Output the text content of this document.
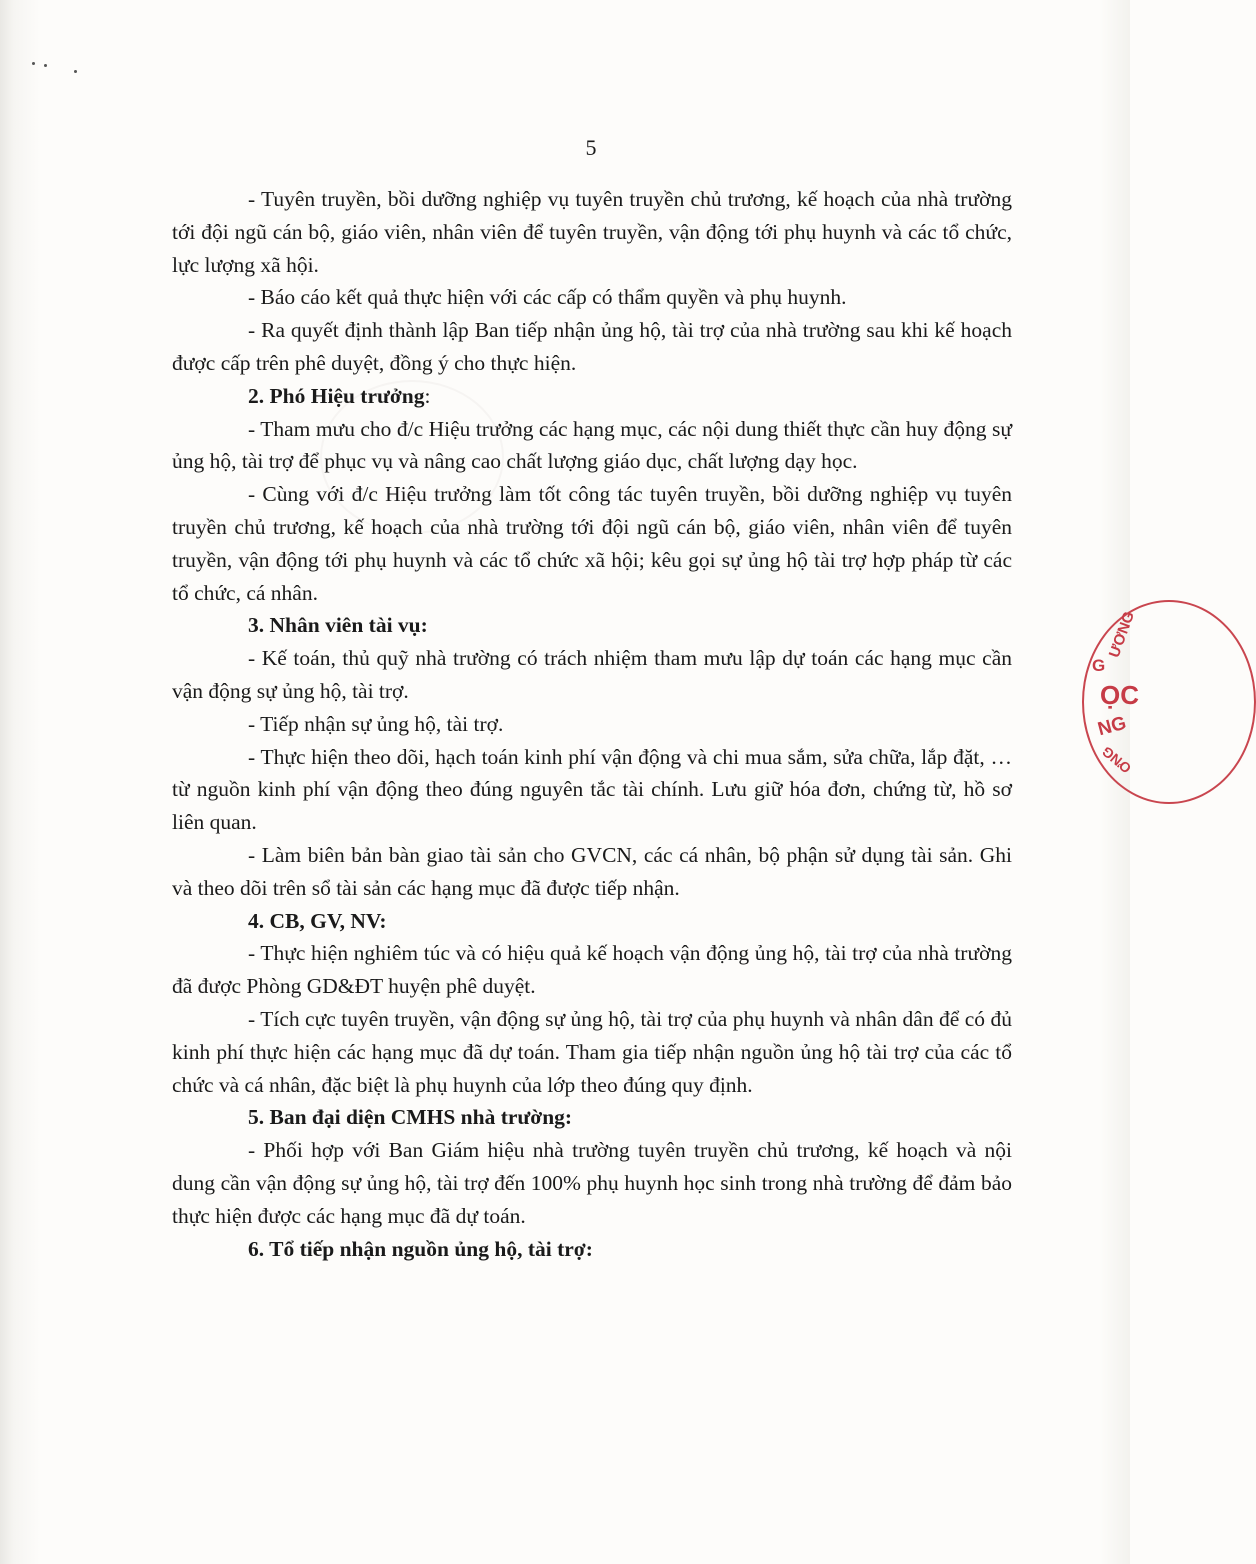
5

- Tuyên truyền, bồi dưỡng nghiệp vụ tuyên truyền chủ trương, kế hoạch của nhà trường tới đội ngũ cán bộ, giáo viên, nhân viên để tuyên truyền, vận động tới phụ huynh và các tổ chức, lực lượng xã hội.

- Báo cáo kết quả thực hiện với các cấp có thẩm quyền và phụ huynh.

- Ra quyết định thành lập Ban tiếp nhận ủng hộ, tài trợ của nhà trường sau khi kế hoạch được cấp trên phê duyệt, đồng ý cho thực hiện.

2. Phó Hiệu trưởng:

- Tham mưu cho đ/c Hiệu trưởng các hạng mục, các nội dung thiết thực cần huy động sự ủng hộ, tài trợ để phục vụ và nâng cao chất lượng giáo dục, chất lượng dạy học.

- Cùng với đ/c Hiệu trưởng làm tốt công tác tuyên truyền, bồi dưỡng nghiệp vụ tuyên truyền chủ trương, kế hoạch của nhà trường tới đội ngũ cán bộ, giáo viên, nhân viên để tuyên truyền, vận động tới phụ huynh và các tổ chức xã hội; kêu gọi sự ủng hộ tài trợ hợp pháp từ các tổ chức, cá nhân.

3. Nhân viên tài vụ:

- Kế toán, thủ quỹ nhà trường có trách nhiệm tham mưu lập dự toán các hạng mục cần vận động sự ủng hộ, tài trợ.

- Tiếp nhận sự ủng hộ, tài trợ.

- Thực hiện theo dõi, hạch toán kinh phí vận động và chi mua sắm, sửa chữa, lắp đặt, … từ nguồn kinh phí vận động theo đúng nguyên tắc tài chính. Lưu giữ hóa đơn, chứng từ, hồ sơ liên quan.

- Làm biên bản bàn giao tài sản cho GVCN, các cá nhân, bộ phận sử dụng tài sản. Ghi và theo dõi trên sổ tài sản các hạng mục đã được tiếp nhận.

4. CB, GV, NV:

- Thực hiện nghiêm túc và có hiệu quả kế hoạch vận động ủng hộ, tài trợ của nhà trường đã được Phòng GD&ĐT huyện phê duyệt.

- Tích cực tuyên truyền, vận động sự ủng hộ, tài trợ của phụ huynh và nhân dân để có đủ kinh phí thực hiện các hạng mục đã dự toán. Tham gia tiếp nhận nguồn ủng hộ tài trợ của các tổ chức và cá nhân, đặc biệt là phụ huynh của lớp theo đúng quy định.

5. Ban đại diện CMHS nhà trường:

- Phối hợp với Ban Giám hiệu nhà trường tuyên truyền chủ trương, kế hoạch và nội dung cần vận động sự ủng hộ, tài trợ đến 100% phụ huynh học sinh trong nhà trường để đảm bảo thực hiện được các hạng mục đã dự toán.

6. Tổ tiếp nhận nguồn ủng hộ, tài trợ:

ƯƠNG
G
ỌC
NG
ƠNG
